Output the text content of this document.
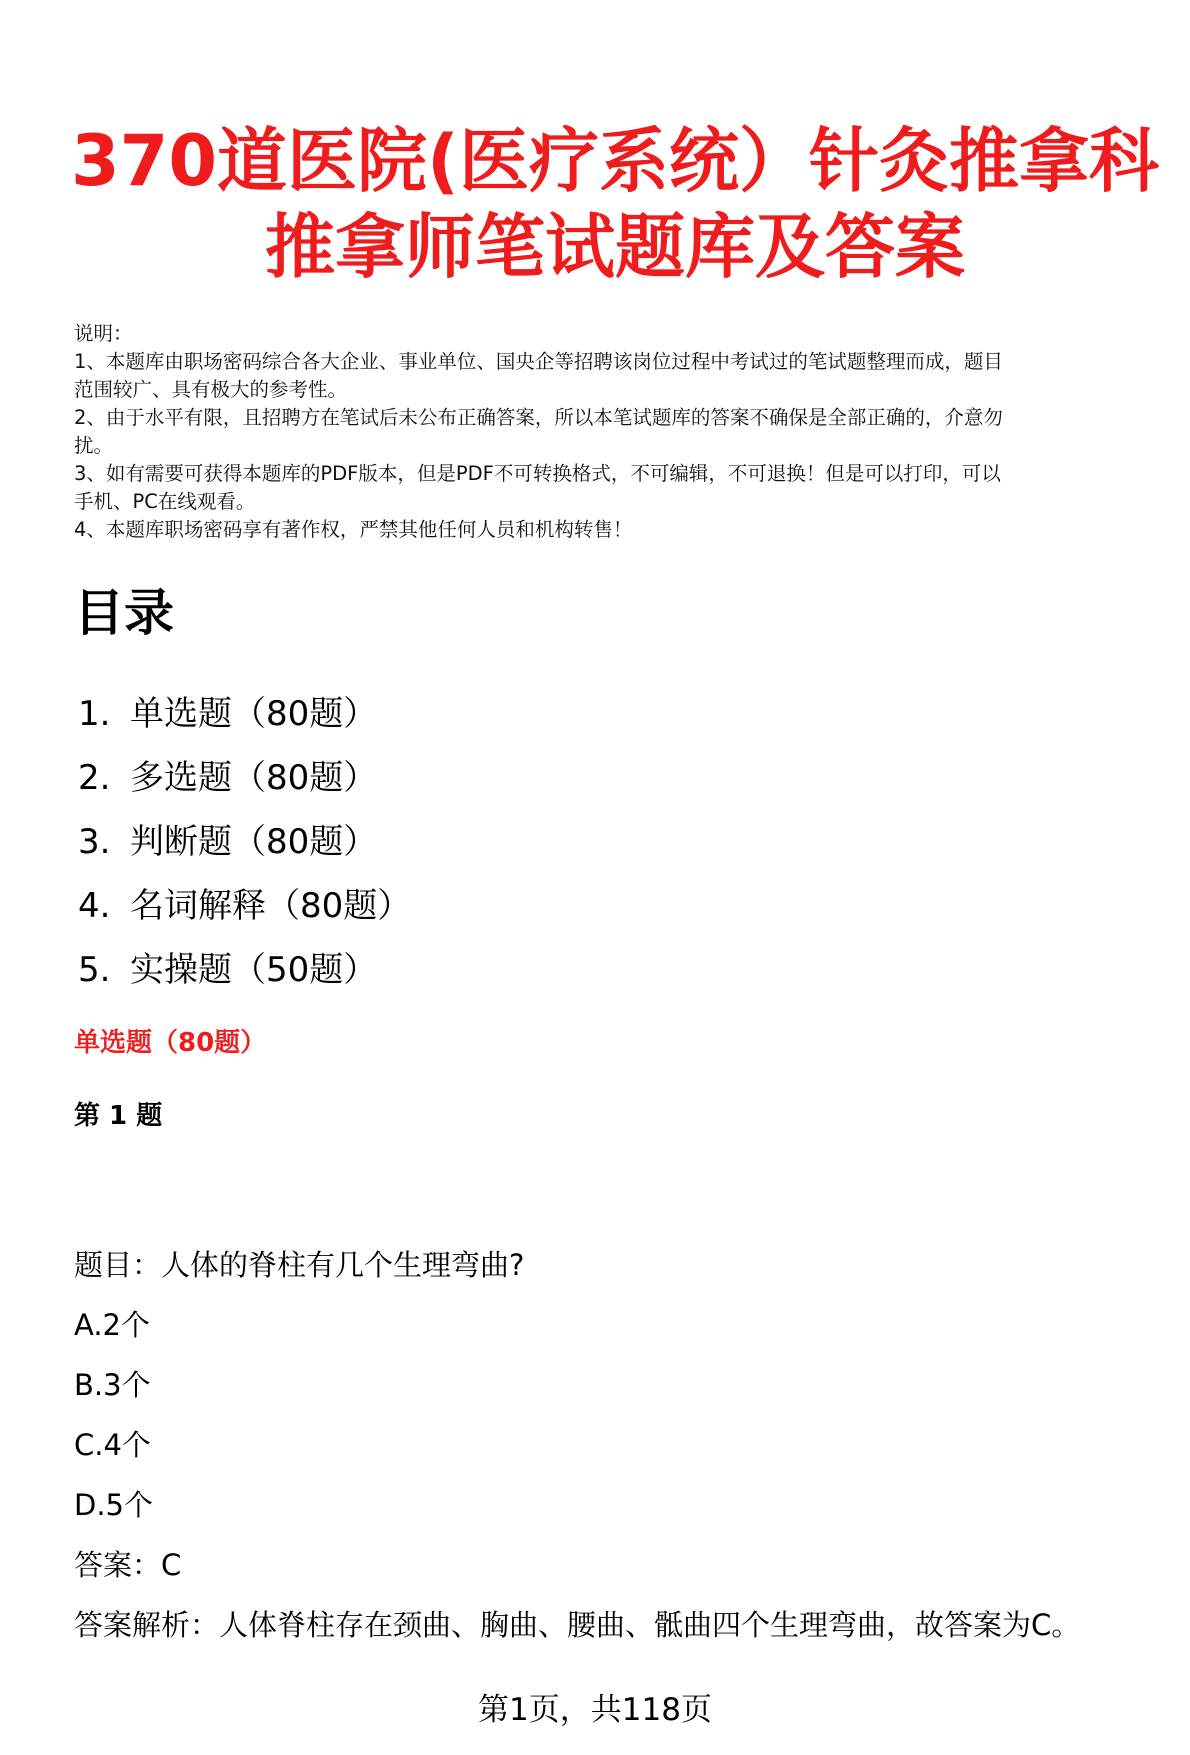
370道医院(医疗系统）针灸推拿科
推拿师笔试题库及答案
说明：
1、本题库由职场密码综合各大企业、事业单位、国央企等招聘该岗位过程中考试过的笔试题整理而成，题目
范围较广、具有极大的参考性。
2、由于水平有限，且招聘方在笔试后未公布正确答案，所以本笔试题库的答案不确保是全部正确的，介意勿
扰。
3、如有需要可获得本题库的PDF版本，但是PDF不可转换格式，不可编辑，不可退换！但是可以打印，可以
手机、PC在线观看。
4、本题库职场密码享有著作权，严禁其他任何人员和机构转售！
目录
1. 单选题（80题）
2. 多选题（80题）
3. 判断题（80题）
4. 名词解释（80题）
5. 实操题（50题）
单选题（80题）
第 1 题
题目：人体的脊柱有几个生理弯曲?
A.2个
B.3个
C.4个
D.5个
答案：C
答案解析：人体脊柱存在颈曲、胸曲、腰曲、骶曲四个生理弯曲，故答案为C。
第1页，共118页
